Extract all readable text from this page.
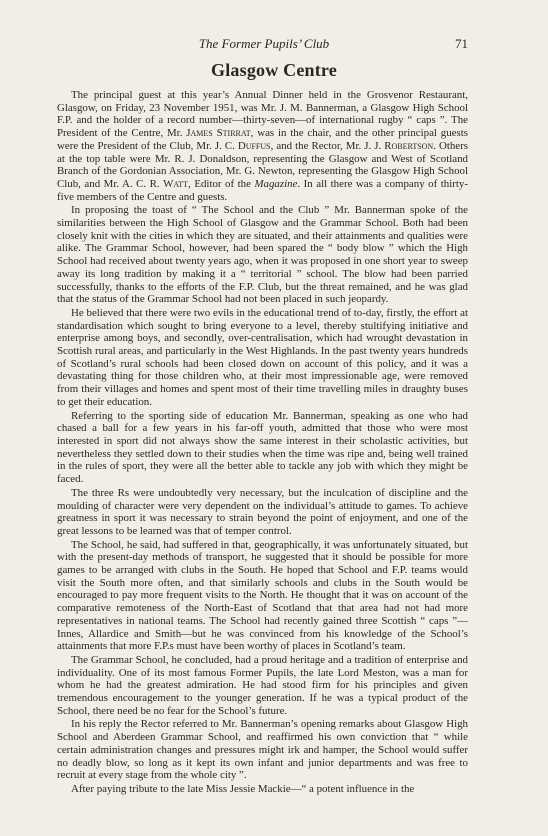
The Former Pupils’ Club	71
Glasgow Centre

The principal guest at this year’s Annual Dinner held in the Grosvenor Restaurant, Glasgow, on Friday, 23 November 1951, was Mr. J. M. Bannerman, a Glasgow High School F.P. and the holder of a record number—thirty-seven—of international rugby “ caps ”. The President of the Centre, Mr. James Stirrat, was in the chair, and the other principal guests were the President of the Club, Mr. J. C. Duffus, and the Rector, Mr. J. J. Robertson. Others at the top table were Mr. R. J. Donaldson, representing the Glasgow and West of Scotland Branch of the Gordonian Association, Mr. G. Newton, representing the Glasgow High School Club, and Mr. A. C. R. Watt, Editor of the Magazine. In all there was a company of thirty-five members of the Centre and guests.

In proposing the toast of “ The School and the Club ” Mr. Bannerman spoke of the similarities between the High School of Glasgow and the Grammar School. Both had been closely knit with the cities in which they are situated, and their attainments and qualities were alike. The Grammar School, however, had been spared the “ body blow ” which the High School had received about twenty years ago, when it was proposed in one short year to sweep away its long tradition by making it a “ territorial ” school. The blow had been parried successfully, thanks to the efforts of the F.P. Club, but the threat remained, and he was glad that the status of the Grammar School had not been placed in such jeopardy.

He believed that there were two evils in the educational trend of to-day, firstly, the effort at standardisation which sought to bring everyone to a level, thereby stultifying initiative and enterprise among boys, and secondly, over-centralisation, which had wrought devastation in Scottish rural areas, and particularly in the West Highlands. In the past twenty years hundreds of Scotland’s rural schools had been closed down on account of this policy, and it was a devastating thing for those children who, at their most impressionable age, were removed from their villages and homes and spent most of their time travelling miles in draughty buses to get their education.

Referring to the sporting side of education Mr. Bannerman, speaking as one who had chased a ball for a few years in his far-off youth, admitted that those who were most interested in sport did not always show the same interest in their scholastic activities, but nevertheless they settled down to their studies when the time was ripe and, being well trained in the rules of sport, they were all the better able to tackle any job with which they might be faced.

The three Rs were undoubtedly very necessary, but the inculcation of discipline and the moulding of character were very dependent on the individual’s attitude to games. To achieve greatness in sport it was necessary to strain beyond the point of enjoyment, and one of the great lessons to be learned was that of temper control.

The School, he said, had suffered in that, geographically, it was unfortunately situated, but with the present-day methods of transport, he suggested that it should be possible for more games to be arranged with clubs in the South. He hoped that School and F.P. teams would visit the South more often, and that similarly schools and clubs in the South would be encouraged to pay more frequent visits to the North. He thought that it was on account of the comparative remoteness of the North-East of Scotland that that area had not had more representatives in national teams. The School had recently gained three Scottish “ caps ”—Innes, Allardice and Smith—but he was convinced from his knowledge of the School’s attainments that more F.P.s must have been worthy of places in Scotland’s team.

The Grammar School, he concluded, had a proud heritage and a tradition of enterprise and individuality. One of its most famous Former Pupils, the late Lord Meston, was a man for whom he had the greatest admiration. He had stood firm for his principles and given tremendous encouragement to the younger generation. If he was a typical product of the School, there need be no fear for the School’s future.

In his reply the Rector referred to Mr. Bannerman’s opening remarks about Glasgow High School and Aberdeen Grammar School, and reaffirmed his own conviction that “ while certain administration changes and pressures might irk and hamper, the School would suffer no deadly blow, so long as it kept its own infant and junior departments and was free to recruit at every stage from the whole city ”.

After paying tribute to the late Miss Jessie Mackie—“ a potent influence in the
